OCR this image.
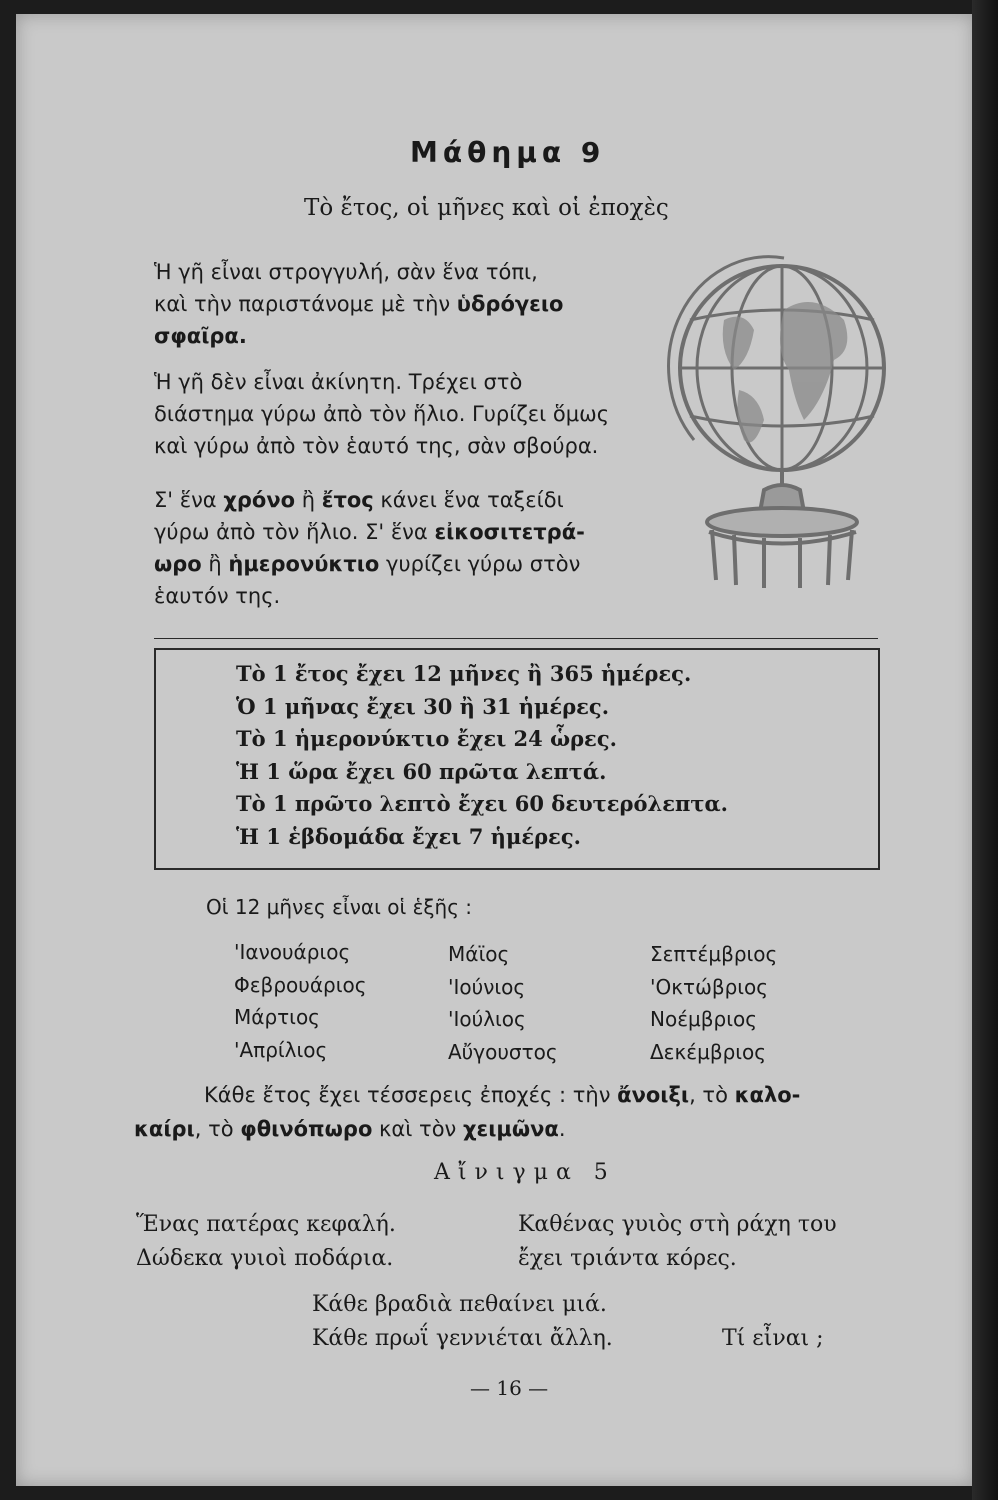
Μάθημα 9
Τὸ ἔτος, οἱ μῆνες καὶ οἱ ἐποχὲς
Ἡ γῆ εἶναι στρογγυλή, σὰν ἕνα τόπι,
καὶ τὴν παριστάνομε μὲ τὴν ὑδρόγειο
σφαῖρα.
Ἡ γῆ δὲν εἶναι ἀκίνητη. Τρέχει στὸ
διάστημα γύρω ἀπὸ τὸν ἥλιο. Γυρίζει ὅμως
καὶ γύρω ἀπὸ τὸν ἑαυτό της, σὰν σβούρα.
Σ' ἕνα χρόνο ἢ ἔτος κάνει ἕνα ταξείδι
γύρω ἀπὸ τὸν ἥλιο. Σ' ἕνα εἰκοσιτετρά-
ωρο ἢ ἡμερονύκτιο γυρίζει γύρω στὸν
ἑαυτόν της.
Τὸ 1 ἔτος ἔχει 12 μῆνες ἢ 365 ἡμέρες.
Ὁ 1 μῆνας ἔχει 30 ἢ 31 ἡμέρες.
Τὸ 1 ἡμερονύκτιο ἔχει 24 ὧρες.
Ἡ 1 ὥρα ἔχει 60 πρῶτα λεπτά.
Τὸ 1 πρῶτο λεπτὸ ἔχει 60 δευτερόλεπτα.
Ἡ 1 ἑβδομάδα ἔχει 7 ἡμέρες.
Οἱ 12 μῆνες εἶναι οἱ ἑξῆς :
'Ιανουάριος
Φεβρουάριος
Μάρτιος
'Απρίλιος
Μάϊος
'Ιούνιος
'Ιούλιος
Αὔγουστος
Σεπτέμβριος
'Οκτώβριος
Νοέμβριος
Δεκέμβριος
Κάθε ἔτος ἔχει τέσσερεις ἐποχές : τὴν ἄνοιξι, τὸ καλο-
καίρι, τὸ φθινόπωρο καὶ τὸν χειμῶνα.
Αἴνιγμα 5
Ἕνας πατέρας κεφαλή.
Δώδεκα γυιοὶ ποδάρια.
Καθένας γυιὸς στὴ ράχη του
ἔχει τριάντα κόρες.
Κάθε βραδιὰ πεθαίνει μιά.
Κάθε πρωΐ γεννιέται ἄλλη.	Τί εἶναι ;
— 16 —
